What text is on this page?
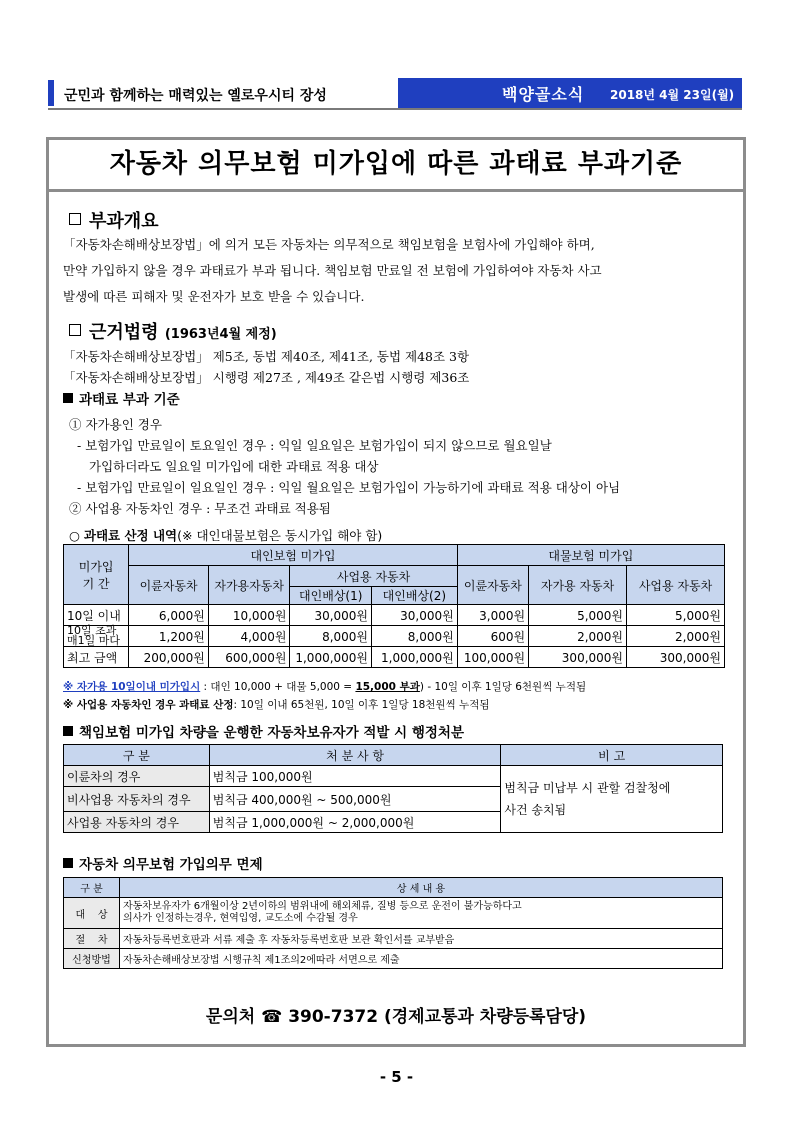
군민과 함께하는 매력있는 옐로우시티 장성	백양골소식 2018년 4월 23일(월)
자동차 의무보험 미가입에 따른 과태료 부과기준
부과개요
「자동차손해배상보장법」에 의거 모든 자동차는 의무적으로 책임보험을 보험사에 가입해야 하며,
만약 가입하지 않을 경우 과태료가 부과 됩니다. 책임보험 만료일 전 보험에 가입하여야 자동차 사고
발생에 따른 피해자 및 운전자가 보호 받을 수 있습니다.
근거법령 (1963년4월 제정)
「자동차손해배상보장법」 제5조, 동법 제40조, 제41조, 동법 제48조 3항
「자동차손해배상보장법」 시행령 제27조 , 제49조 같은법 시행령 제36조
과태료 부과 기준
① 자가용인 경우
- 보험가입 만료일이 토요일인 경우 : 익일 일요일은 보험가입이 되지 않으므로 월요일날
가입하더라도 일요일 미가입에 대한 과태료 적용 대상
- 보험가입 만료일이 일요일인 경우 : 익일 월요일은 보험가입이 가능하기에 과태료 적용 대상이 아님
② 사업용 자동차인 경우 : 무조건 과태료 적용됨
○ 과태료 산정 내역(※ 대인대물보험은 동시가입 해야 함)
미가입
기 간	대인보험 미가입				대물보험 미가입		
	이륜자동차	자가용자동차	사업용 자동차		이륜자동차	자가용 자동차	사업용 자동차
			대인배상(1)	대인배상(2)			
10일 이내	6,000원	10,000원	30,000원	30,000원	3,000원	5,000원	5,000원
10일 초과
매1일 마다	1,200원	4,000원	8,000원	8,000원	600원	2,000원	2,000원
최고 금액	200,000원	600,000원	1,000,000원	1,000,000원	100,000원	300,000원	300,000원
※ 자가용 10일이내 미가입시 : 대인 10,000 + 대물 5,000 = 15,000 부과) - 10일 이후 1일당 6천원씩 누적됨
※ 사업용 자동차인 경우 과태료 산정: 10일 이내 65천원, 10일 이후 1일당 18천원씩 누적됨
책임보험 미가입 차량을 운행한 자동차보유자가 적발 시 행정처분
구 분	처 분 사 항	비 고
이륜차의 경우	범칙금 100,000원	범칙금 미납부 시 관할 검찰청에
사건 송치됨

비사업용 자동차의 경우	범칙금 400,000원 ~ 500,000원	
사업용 자동차의 경우	범칙금 1,000,000원 ~ 2,000,000원	
자동차 의무보험 가입의무 면제
구 분	상 세 내 용
대    상	자동차보유자가 6개월이상 2년이하의 범위내에 해외체류, 질병 등으로 운전이 불가능하다고
의사가 인정하는경우, 현역입영, 교도소에 수감될 경우

절    차	자동차등록번호판과 서류 제출 후 자동차등록번호판 보관 확인서를 교부받음
신청방법	자동차손해배상보장법 시행규칙 제1조의2에따라 서면으로 제출
문의처 ☎ 390-7372 (경제교통과 차량등록담당)
- 5 -
